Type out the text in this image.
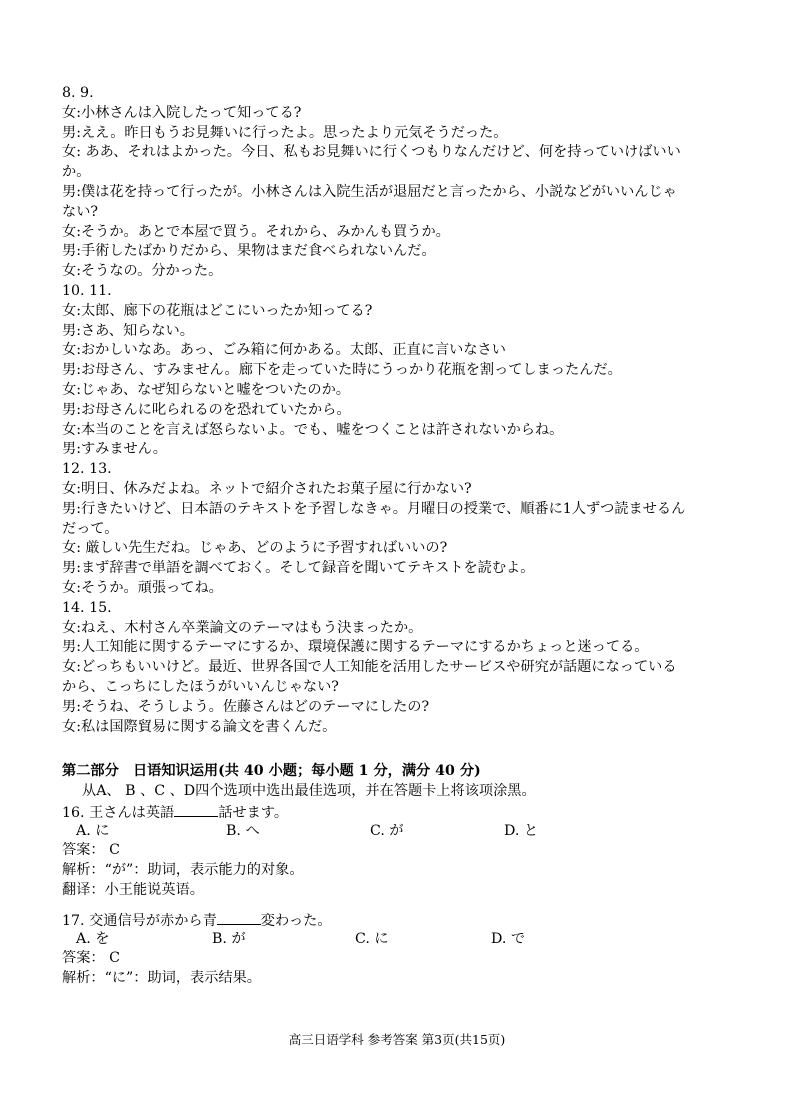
8. 9.
女:小林さんは入院したって知ってる?
男:ええ。昨日もうお見舞いに行ったよ。思ったより元気そうだった。
女: ああ、それはよかった。今日、私もお見舞いに行くつもりなんだけど、何を持っていけばいい
か。
男:僕は花を持って行ったが。小林さんは入院生活が退屈だと言ったから、小説などがいいんじゃ
ない?
女:そうか。あとで本屋で買う。それから、みかんも買うか。
男:手術したばかりだから、果物はまだ食べられないんだ。
女:そうなの。分かった。
10. 11.
女:太郎、廊下の花瓶はどこにいったか知ってる?
男:さあ、知らない。
女:おかしいなあ。あっ、ごみ箱に何かある。太郎、正直に言いなさい
男:お母さん、すみません。廊下を走っていた時にうっかり花瓶を割ってしまったんだ。
女:じゃあ、なぜ知らないと嘘をついたのか。
男:お母さんに叱られるのを恐れていたから。
女:本当のことを言えば怒らないよ。でも、嘘をつくことは許されないからね。
男:すみません。
12. 13.
女:明日、休みだよね。ネットで紹介されたお菓子屋に行かない?
男:行きたいけど、日本語のテキストを予習しなきゃ。月曜日の授業で、順番に1人ずつ読ませるん
だって。
女: 厳しい先生だね。じゃあ、どのように予習すればいいの?
男:まず辞書で単語を調べておく。そして録音を聞いてテキストを読むよ。
女:そうか。頑張ってね。
14. 15.
女:ねえ、木村さん卒業論文のテーマはもう決まったか。
男:人工知能に関するテーマにするか、環境保護に関するテーマにするかちょっと迷ってる。
女:どっちもいいけど。最近、世界各国で人工知能を活用したサービスや研究が話題になっている
から、こっちにしたほうがいいんじゃない?
男:そうね、そうしよう。佐藤さんはどのテーマにしたの?
女:私は国際貿易に関する論文を書くんだ。
第二部分　日语知识运用(共 40 小题；每小题 1 分，满分 40 分)
从A、 B 、C 、D四个选项中选出最佳选项，并在答题卡上将该项涂黑。
16. 王さんは英語	話せます。
A. に	B. へ	C. が	D. と
答案： C
解析：“が”：助词，表示能力的对象。
翻译：小王能说英语。
17. 交通信号が赤から青	変わった。
A. を	B. が	C. に	D. で
答案： C
解析：“に”：助词，表示结果。
高三日语学科 参考答案 第3页(共15页)
